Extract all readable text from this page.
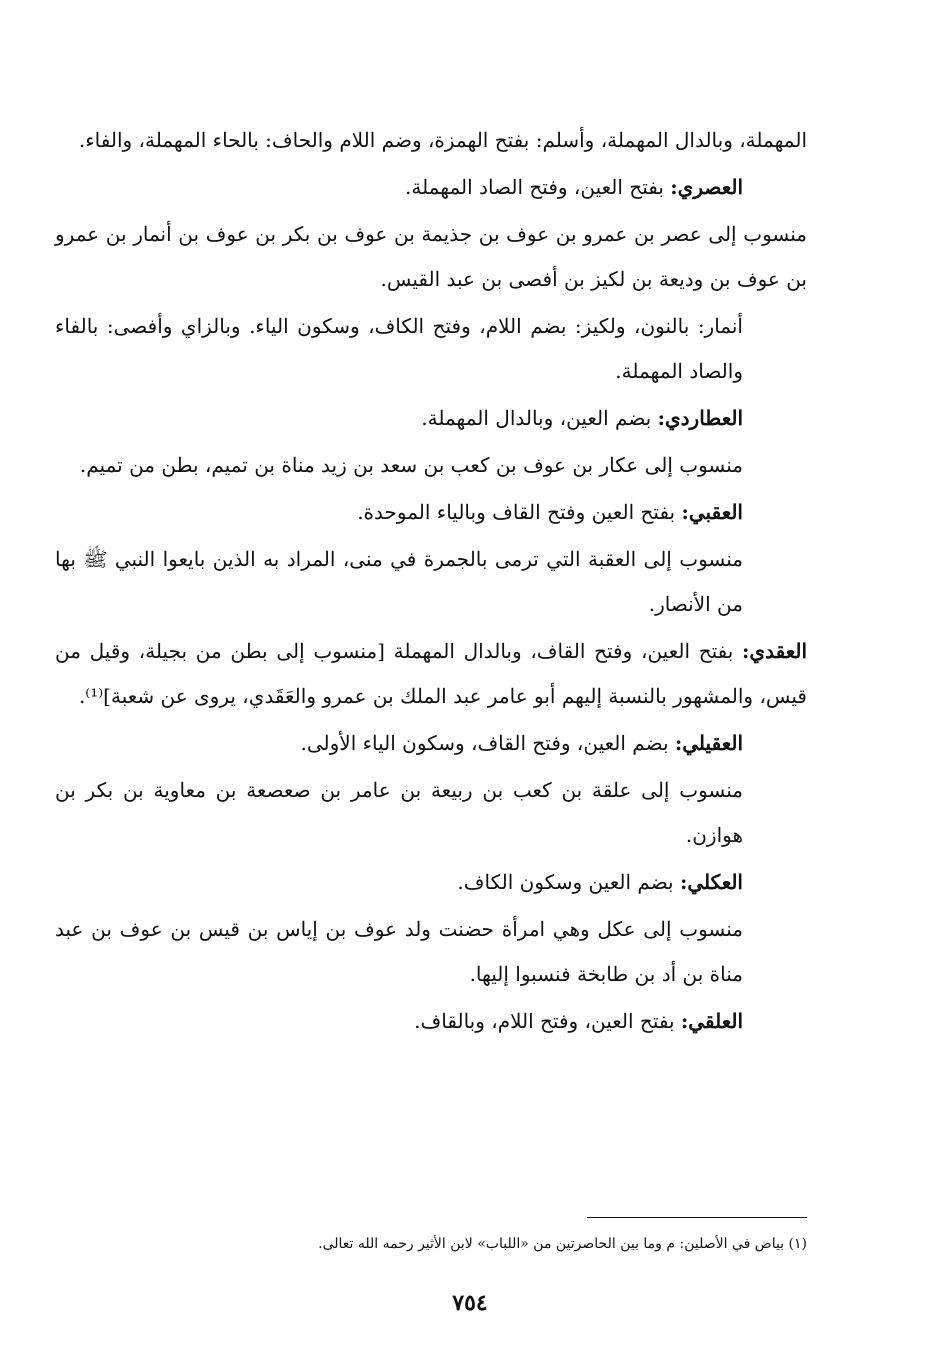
المهملة، وبالدال المهملة، وأسلم: بفتح الهمزة، وضم اللام والحاف: بالحاء المهملة، والفاء.

العصري: بفتح العين، وفتح الصاد المهملة.

منسوب إلى عصر بن عمرو بن عوف بن جذيمة بن عوف بن بكر بن عوف بن أنمار بن عمرو بن عوف بن وديعة بن لكيز بن أفصى بن عبد القيس.

أنمار: بالنون، ولكيز: بضم اللام، وفتح الكاف، وسكون الياء. وبالزاي وأفصى: بالفاء والصاد المهملة.

العطاردي: بضم العين، وبالدال المهملة.

منسوب إلى عكار بن عوف بن كعب بن سعد بن زيد مناة بن تميم، بطن من تميم.

العقبي: بفتح العين وفتح القاف وبالياء الموحدة.

منسوب إلى العقبة التي ترمى بالجمرة في منى، المراد به الذين بايعوا النبي ﷺ بها من الأنصار.

العقدي: بفتح العين، وفتح القاف، وبالدال المهملة [منسوب إلى بطن من بجيلة، وقيل من قيس، والمشهور بالنسبة إليهم أبو عامر عبد الملك بن عمرو والعَقَدي، يروى عن شعبة]⁽¹⁾.

العقيلي: بضم العين، وفتح القاف، وسكون الياء الأولى.

منسوب إلى علقة بن كعب بن ربيعة بن عامر بن صعصعة بن معاوية بن بكر بن هوازن.

العكلي: بضم العين وسكون الكاف.

منسوب إلى عكل وهي امرأة حضنت ولد عوف بن إياس بن قيس بن عوف بن عبد مناة بن أد بن طابخة فنسبوا إليها.

العلقي: بفتح العين، وفتح اللام، وبالقاف.

(١) بياض في الأصلين: م وما بين الحاصرتين من «اللباب» لابن الأثير رحمه الله تعالى.
٧٥٤
